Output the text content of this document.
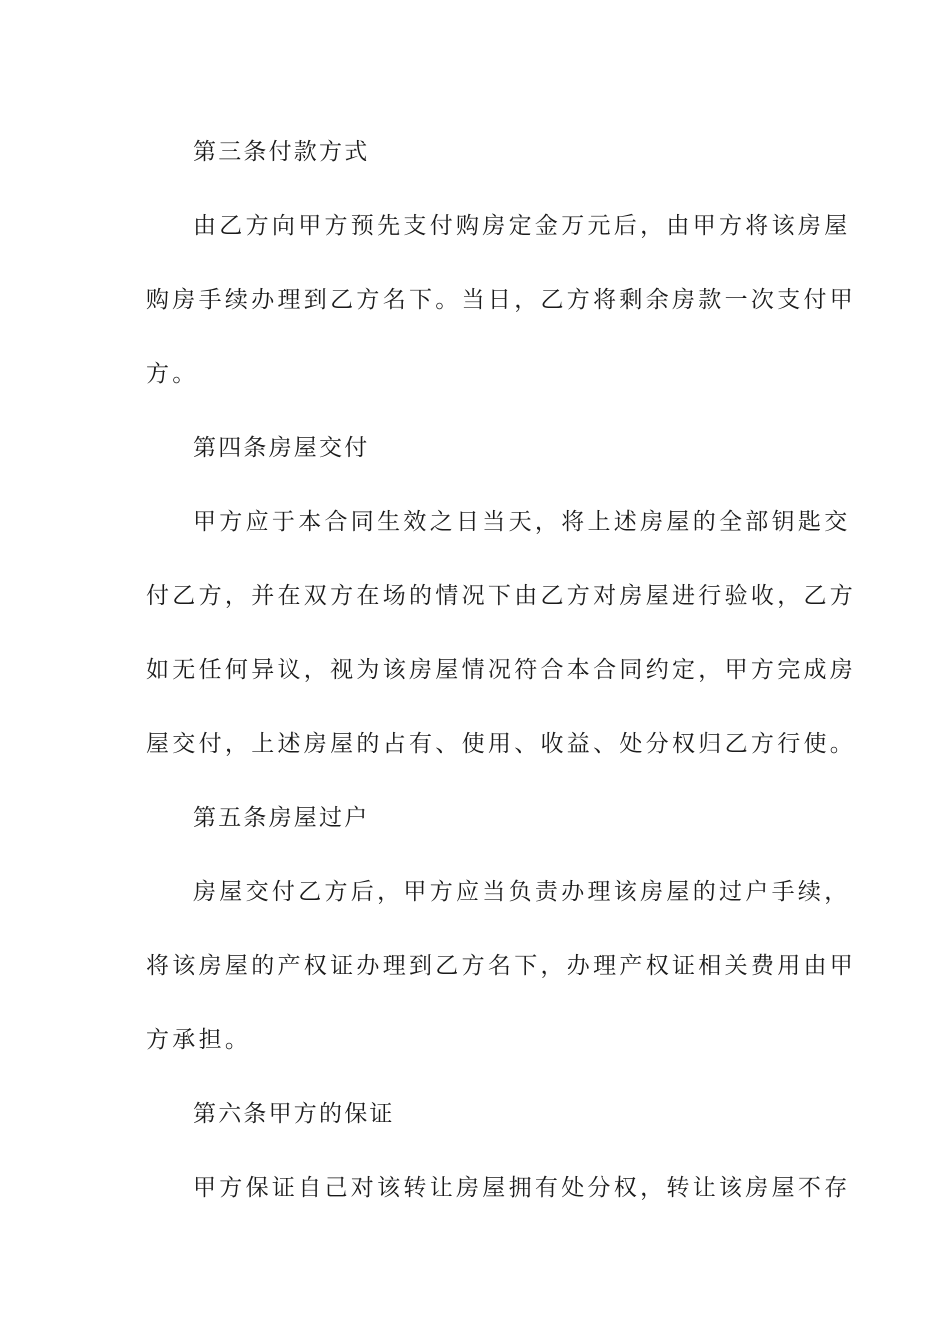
第三条付款方式
由乙方向甲方预先支付购房定金万元后，由甲方将该房屋
购房手续办理到乙方名下。当日，乙方将剩余房款一次支付甲
方。
第四条房屋交付
甲方应于本合同生效之日当天，将上述房屋的全部钥匙交
付乙方，并在双方在场的情况下由乙方对房屋进行验收，乙方
如无任何异议，视为该房屋情况符合本合同约定，甲方完成房
屋交付，上述房屋的占有、使用、收益、处分权归乙方行使。
第五条房屋过户
房屋交付乙方后，甲方应当负责办理该房屋的过户手续，
将该房屋的产权证办理到乙方名下，办理产权证相关费用由甲
方承担。
第六条甲方的保证
甲方保证自己对该转让房屋拥有处分权，转让该房屋不存
